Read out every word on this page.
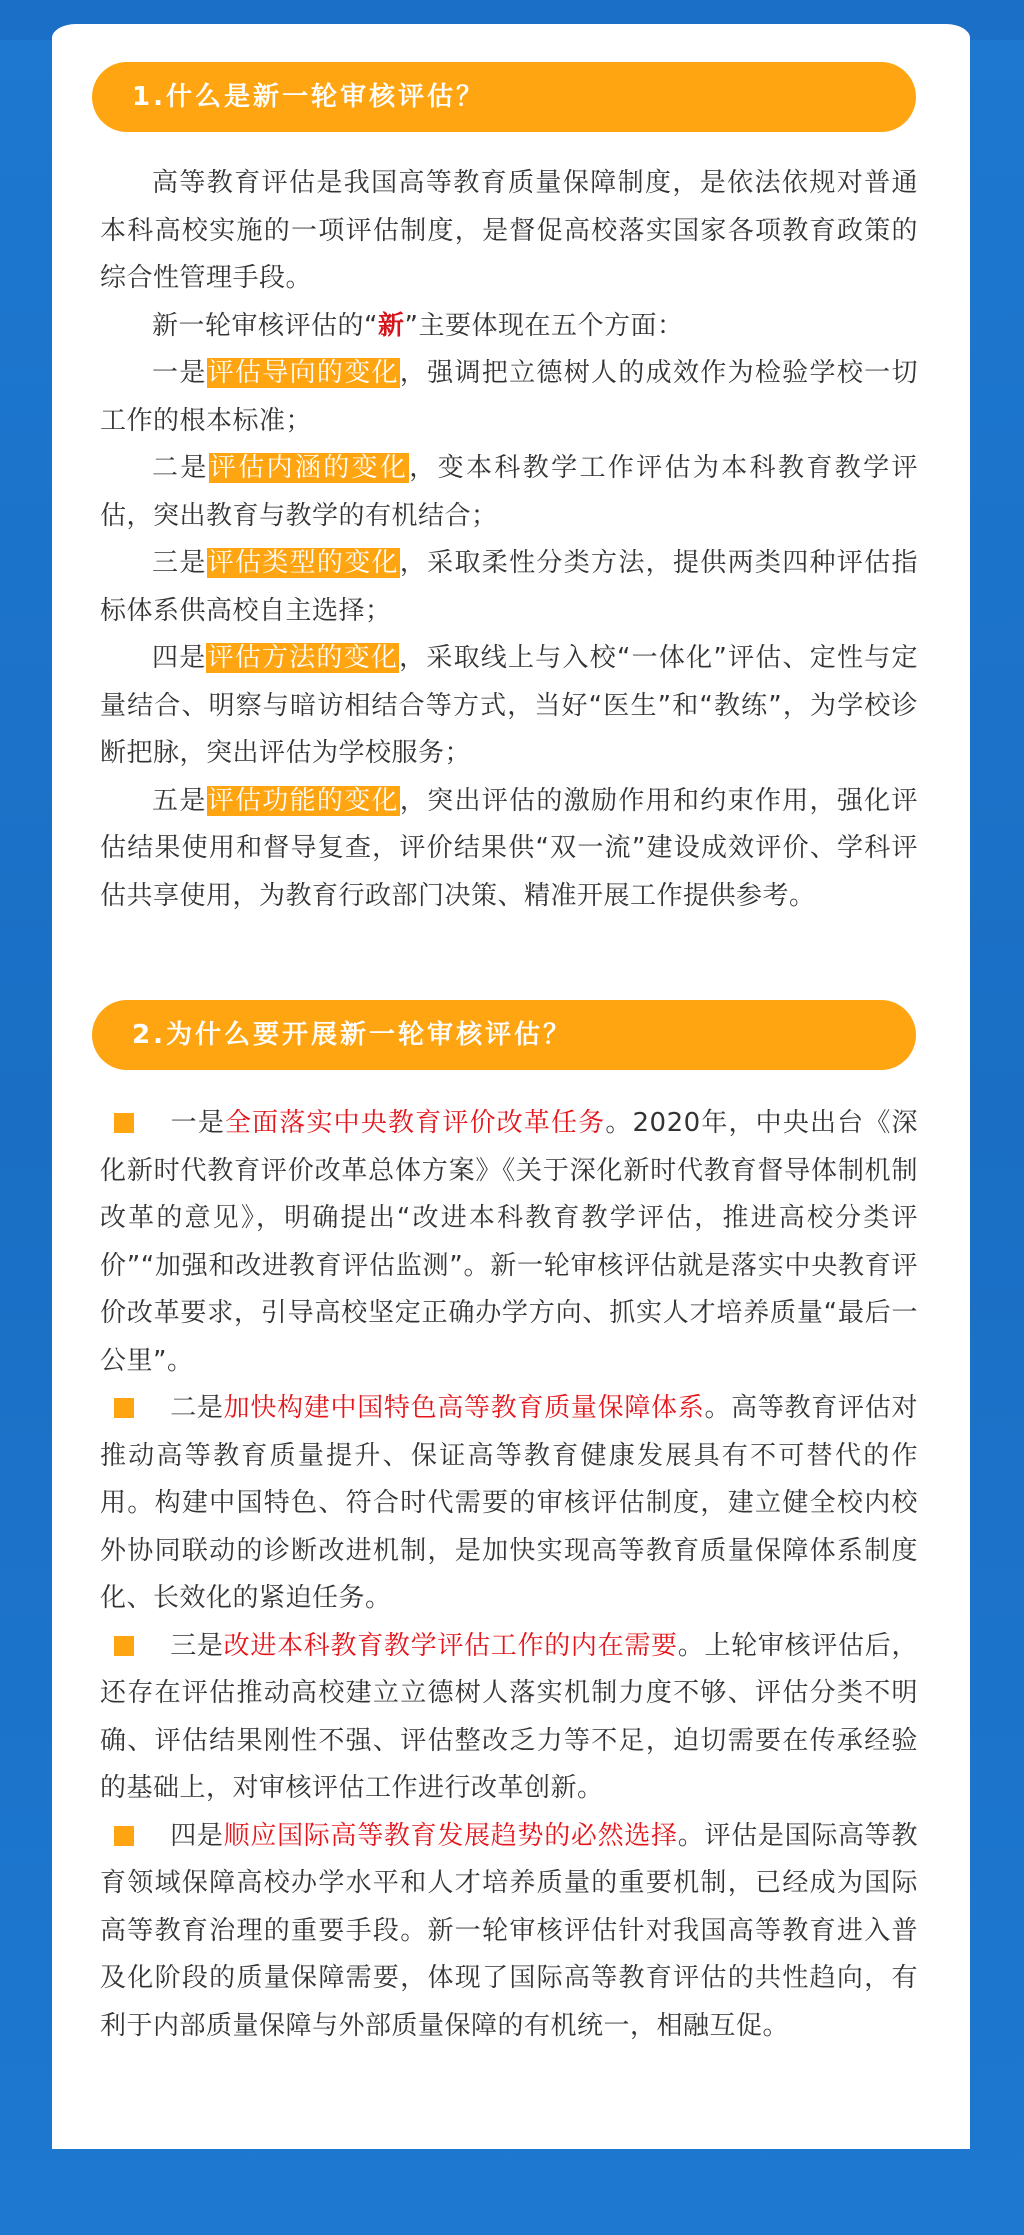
1.什么是新一轮审核评估？

高等教育评估是我国高等教育质量保障制度，是依法依规对普通本科高校实施的一项评估制度，是督促高校落实国家各项教育政策的综合性管理手段。

新一轮审核评估的“新”主要体现在五个方面：

一是评估导向的变化，强调把立德树人的成效作为检验学校一切工作的根本标准；

二是评估内涵的变化，变本科教学工作评估为本科教育教学评估，突出教育与教学的有机结合；

三是评估类型的变化，采取柔性分类方法，提供两类四种评估指标体系供高校自主选择；

四是评估方法的变化，采取线上与入校“一体化”评估、定性与定量结合、明察与暗访相结合等方式，当好“医生”和“教练”，为学校诊断把脉，突出评估为学校服务；

五是评估功能的变化，突出评估的激励作用和约束作用，强化评估结果使用和督导复查，评价结果供“双一流”建设成效评价、学科评估共享使用，为教育行政部门决策、精准开展工作提供参考。

2.为什么要开展新一轮审核评估？

一是全面落实中央教育评价改革任务。2020年，中央出台《深化新时代教育评价改革总体方案》《关于深化新时代教育督导体制机制改革的意见》，明确提出“改进本科教育教学评估，推进高校分类评价”“加强和改进教育评估监测”。新一轮审核评估就是落实中央教育评价改革要求，引导高校坚定正确办学方向、抓实人才培养质量“最后一公里”。

二是加快构建中国特色高等教育质量保障体系。高等教育评估对推动高等教育质量提升、保证高等教育健康发展具有不可替代的作用。构建中国特色、符合时代需要的审核评估制度，建立健全校内校外协同联动的诊断改进机制，是加快实现高等教育质量保障体系制度化、长效化的紧迫任务。

三是改进本科教育教学评估工作的内在需要。上轮审核评估后，还存在评估推动高校建立立德树人落实机制力度不够、评估分类不明确、评估结果刚性不强、评估整改乏力等不足，迫切需要在传承经验的基础上，对审核评估工作进行改革创新。

四是顺应国际高等教育发展趋势的必然选择。评估是国际高等教育领域保障高校办学水平和人才培养质量的重要机制，已经成为国际高等教育治理的重要手段。新一轮审核评估针对我国高等教育进入普及化阶段的质量保障需要，体现了国际高等教育评估的共性趋向，有利于内部质量保障与外部质量保障的有机统一，相融互促。
